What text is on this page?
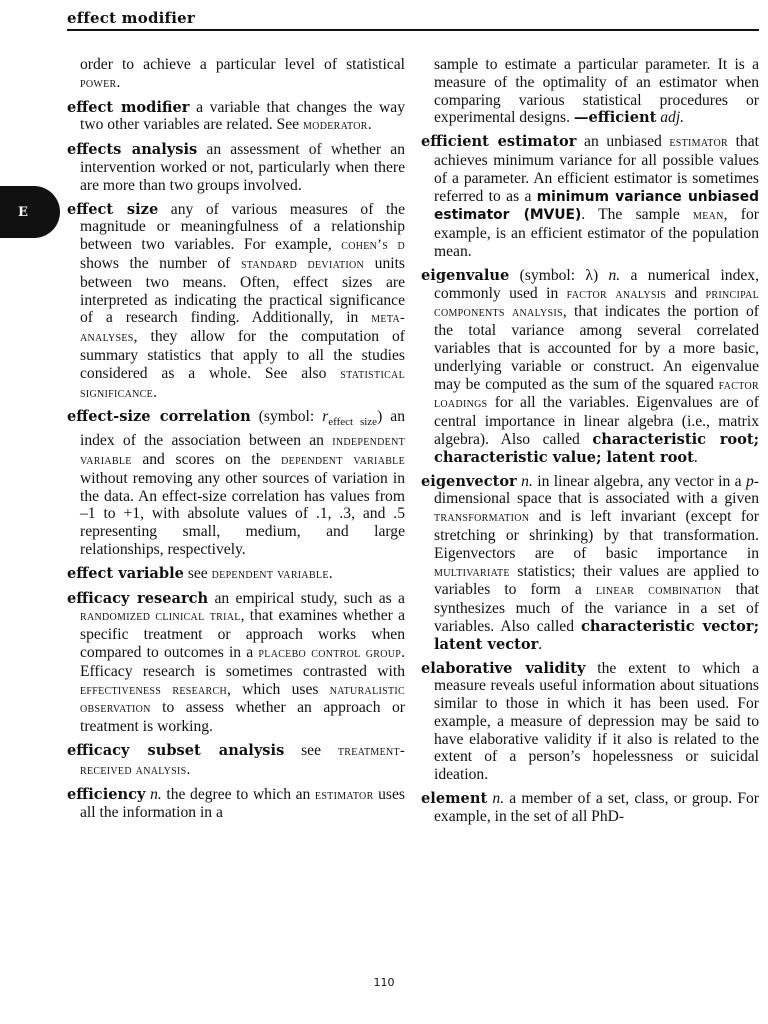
effect modifier
E

order to achieve a particular level of statistical power.

effect modifier a variable that changes the way two other variables are related. See moderator.

effects analysis an assessment of whether an intervention worked or not, particularly when there are more than two groups involved.

effect size any of various measures of the magnitude or meaningfulness of a relationship between two variables. For example, cohen’s d shows the number of standard deviation units between two means. Often, effect sizes are interpreted as indicating the practical significance of a research finding. Additionally, in meta-analyses, they allow for the computation of summary statistics that apply to all the studies considered as a whole. See also statistical significance.

effect-size correlation (symbol: $r_{effect size}$) an index of the association between an independent variable and scores on the dependent variable without removing any other sources of variation in the data. An effect-size correlation has values from –1 to +1, with absolute values of .1, .3, and .5 representing small, medium, and large relationships, respectively.

effect variable see dependent variable.

efficacy research an empirical study, such as a randomized clinical trial, that examines whether a specific treatment or approach works when compared to outcomes in a placebo control group. Efficacy research is sometimes contrasted with effectiveness research, which uses naturalistic observation to assess whether an approach or treatment is working.

efficacy subset analysis see treatment-received analysis.

efficiency n. the degree to which an estimator uses all the information in a

sample to estimate a particular parameter. It is a measure of the optimality of an estimator when comparing various statistical procedures or experimental designs. —efficient adj.

efficient estimator an unbiased estimator that achieves minimum variance for all possible values of a parameter. An efficient estimator is sometimes referred to as a minimum variance unbiased estimator (MVUE). The sample mean, for example, is an efficient estimator of the population mean.

eigenvalue (symbol: λ) n. a numerical index, commonly used in factor analysis and principal components analysis, that indicates the portion of the total variance among several correlated variables that is accounted for by a more basic, underlying variable or construct. An eigenvalue may be computed as the sum of the squared factor loadings for all the variables. Eigenvalues are of central importance in linear algebra (i.e., matrix algebra). Also called characteristic root; characteristic value; latent root.

eigenvector n. in linear algebra, any vector in a p-dimensional space that is associated with a given transformation and is left invariant (except for stretching or shrinking) by that transformation. Eigenvectors are of basic importance in multivariate statistics; their values are applied to variables to form a linear combination that synthesizes much of the variance in a set of variables. Also called characteristic vector; latent vector.

elaborative validity the extent to which a measure reveals useful information about situations similar to those in which it has been used. For example, a measure of depression may be said to have elaborative validity if it also is related to the extent of a person’s hopelessness or suicidal ideation.

element n. a member of a set, class, or group. For example, in the set of all PhD-

110
